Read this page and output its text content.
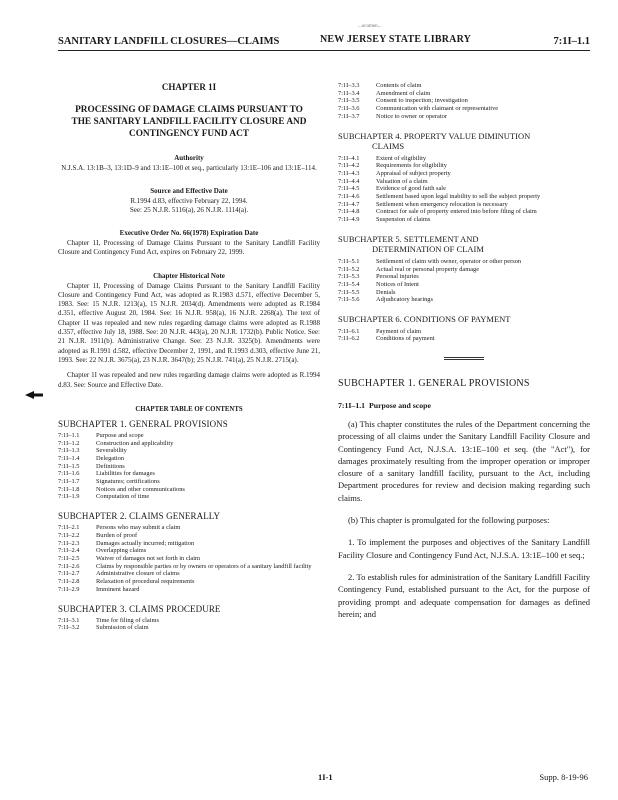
SANITARY LANDFILL CLOSURES—CLAIMS
...ocumen...
NEW JERSEY STATE LIBRARY	7:1I–1.1
CHAPTER 1I
PROCESSING OF DAMAGE CLAIMS PURSUANT TO THE SANITARY LANDFILL FACILITY CLOSURE AND CONTINGENCY FUND ACT
Authority
N.J.S.A. 13:1B–3, 13:1D–9 and 13:1E–100 et seq., particularly 13:1E–106 and 13:1E–114.
Source and Effective Date
R.1994 d.83, effective February 22, 1994.
See: 25 N.J.R. 5116(a), 26 N.J.R. 1114(a).
Executive Order No. 66(1978) Expiration Date
Chapter 1I, Processing of Damage Claims Pursuant to the Sanitary Landfill Facility Closure and Contingency Fund Act, expires on February 22, 1999.
Chapter Historical Note
Chapter 1I, Processing of Damage Claims Pursuant to the Sanitary Landfill Facility Closure and Contingency Fund Act, was adopted as R.1983 d.571, effective December 5, 1983. See: 15 N.J.R. 1213(a), 15 N.J.R. 2034(d). Amendments were adopted as R.1984 d.351, effective August 20, 1984. See: 16 N.J.R. 958(a), 16 N.J.R. 2268(a). The text of Chapter 1I was repealed and new rules regarding damage claims were adopted as R.1988 d.357, effective July 18, 1988. See: 20 N.J.R. 443(a), 20 N.J.R. 1732(b). Public Notice. See: 21 N.J.R. 1911(b). Administrative Change. See: 23 N.J.R. 3325(b). Amendments were adopted as R.1991 d.582, effective December 2, 1991, and R.1993 d.303, effective June 21, 1993. See: 22 N.J.R. 3675(a), 23 N.J.R. 3647(b); 25 N.J.R. 741(a), 25 N.J.R. 2715(a).
Chapter 1I was repealed and new rules regarding damage claims were adopted as R.1994 d.83. See: Source and Effective Date.
CHAPTER TABLE OF CONTENTS
SUBCHAPTER 1. GENERAL PROVISIONS
7:1I–1.1	Purpose and scope
7:1I–1.2	Construction and applicability
7:1I–1.3	Severability
7:1I–1.4	Delegation
7:1I–1.5	Definitions
7:1I–1.6	Liabilities for damages
7:1I–1.7	Signatures; certifications
7:1I–1.8	Notices and other communications
7:1I–1.9	Computation of time
SUBCHAPTER 2. CLAIMS GENERALLY
7:1I–2.1	Persons who may submit a claim
7:1I–2.2	Burden of proof
7:1I–2.3	Damages actually incurred; mitigation
7:1I–2.4	Overlapping claims
7:1I–2.5	Waiver of damages not set forth in claim
7:1I–2.6	Claims by responsible parties or by owners or operators of a sanitary landfill facility
7:1I–2.7	Administrative closure of claims
7:1I–2.8	Relaxation of procedural requirements
7:1I–2.9	Imminent hazard
SUBCHAPTER 3. CLAIMS PROCEDURE
7:1I–3.1	Time for filing of claims
7:1I–3.2	Submission of claim
7:1I–3.3	Contents of claim
7:1I–3.4	Amendment of claim
7:1I–3.5	Consent to inspection; investigation
7:1I–3.6	Communication with claimant or representative
7:1I–3.7	Notice to owner or operator
SUBCHAPTER 4. PROPERTY VALUE DIMINUTION
CLAIMS
7:1I–4.1	Extent of eligibility
7:1I–4.2	Requirements for eligibility
7:1I–4.3	Appraisal of subject property
7:1I–4.4	Valuation of a claim
7:1I–4.5	Evidence of good faith sale
7:1I–4.6	Settlement based upon legal inability to sell the subject property
7:1I–4.7	Settlement when emergency relocation is necessary
7:1I–4.8	Contract for sale of property entered into before filing of claim
7:1I–4.9	Suspension of claims
SUBCHAPTER 5. SETTLEMENT AND
DETERMINATION OF CLAIM
7:1I–5.1	Settlement of claim with owner, operator or other person
7:1I–5.2	Actual real or personal property damage
7:1I–5.3	Personal injuries
7:1I–5.4	Notices of Intent
7:1I–5.5	Denials
7:1I–5.6	Adjudicatory hearings
SUBCHAPTER 6. CONDITIONS OF PAYMENT
7:1I–6.1	Payment of claim
7:1I–6.2	Conditions of payment
SUBCHAPTER 1. GENERAL PROVISIONS
7:1I–1.1 Purpose and scope
(a) This chapter constitutes the rules of the Department concerning the processing of all claims under the Sanitary Landfill Facility Closure and Contingency Fund Act, N.J.S.A. 13:1E–100 et seq. (the "Act"), for damages proximately resulting from the improper operation or improper closure of a sanitary landfill facility, pursuant to the Act, including Department procedures for review and decision making regarding such claims.
(b) This chapter is promulgated for the following purposes:
1. To implement the purposes and objectives of the Sanitary Landfill Facility Closure and Contingency Fund Act, N.J.S.A. 13:1E–100 et seq.;
2. To establish rules for administration of the Sanitary Landfill Facility Contingency Fund, established pursuant to the Act, for the purpose of providing prompt and adequate compensation for damages as defined herein; and
1I-1	Supp. 8-19-96
